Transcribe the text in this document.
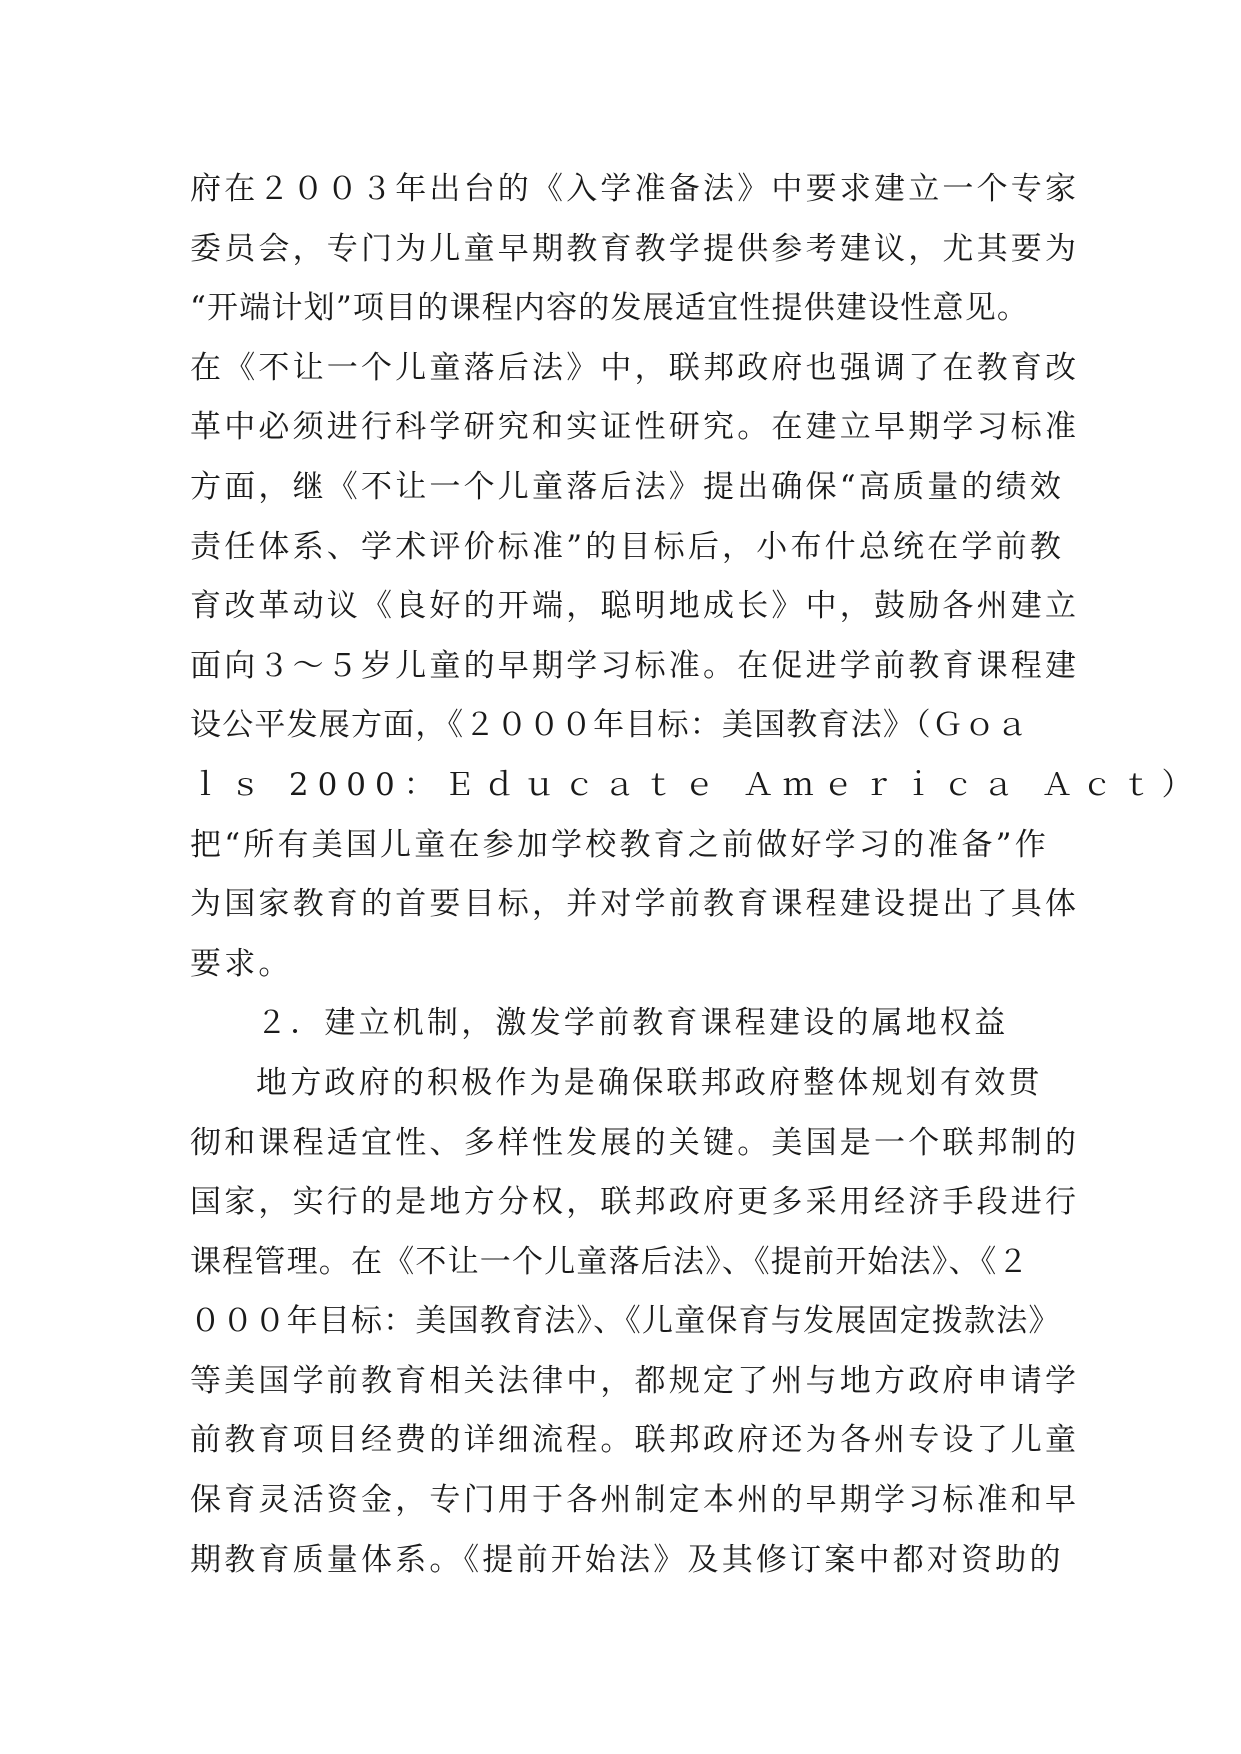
府在２００３年出台的《入学准备法》中要求建立一个专家
委员会，专门为儿童早期教育教学提供参考建议，尤其要为
“开端计划”项目的课程内容的发展适宜性提供建设性意见。
在《不让一个儿童落后法》中，联邦政府也强调了在教育改
革中必须进行科学研究和实证性研究。在建立早期学习标准
方面，继《不让一个儿童落后法》提出确保“高质量的绩效
责任体系、学术评价标准”的目标后，小布什总统在学前教
育改革动议《良好的开端，聪明地成长》中，鼓励各州建立
面向３～５岁儿童的早期学习标准。在促进学前教育课程建
设公平发展方面，《２０００年目标：美国教育法》（Ｇｏａ
ｌｓ 2000：Ｅｄｕｃａｔｅ Ａｍｅｒｉｃａ Ａｃｔ）
把“所有美国儿童在参加学校教育之前做好学习的准备”作
为国家教育的首要目标，并对学前教育课程建设提出了具体
要求。
２．建立机制，激发学前教育课程建设的属地权益
地方政府的积极作为是确保联邦政府整体规划有效贯
彻和课程适宜性、多样性发展的关键。美国是一个联邦制的
国家，实行的是地方分权，联邦政府更多采用经济手段进行
课程管理。在《不让一个儿童落后法》、《提前开始法》、《２
０００年目标：美国教育法》、《儿童保育与发展固定拨款法》
等美国学前教育相关法律中，都规定了州与地方政府申请学
前教育项目经费的详细流程。联邦政府还为各州专设了儿童
保育灵活资金，专门用于各州制定本州的早期学习标准和早
期教育质量体系。《提前开始法》及其修订案中都对资助的
